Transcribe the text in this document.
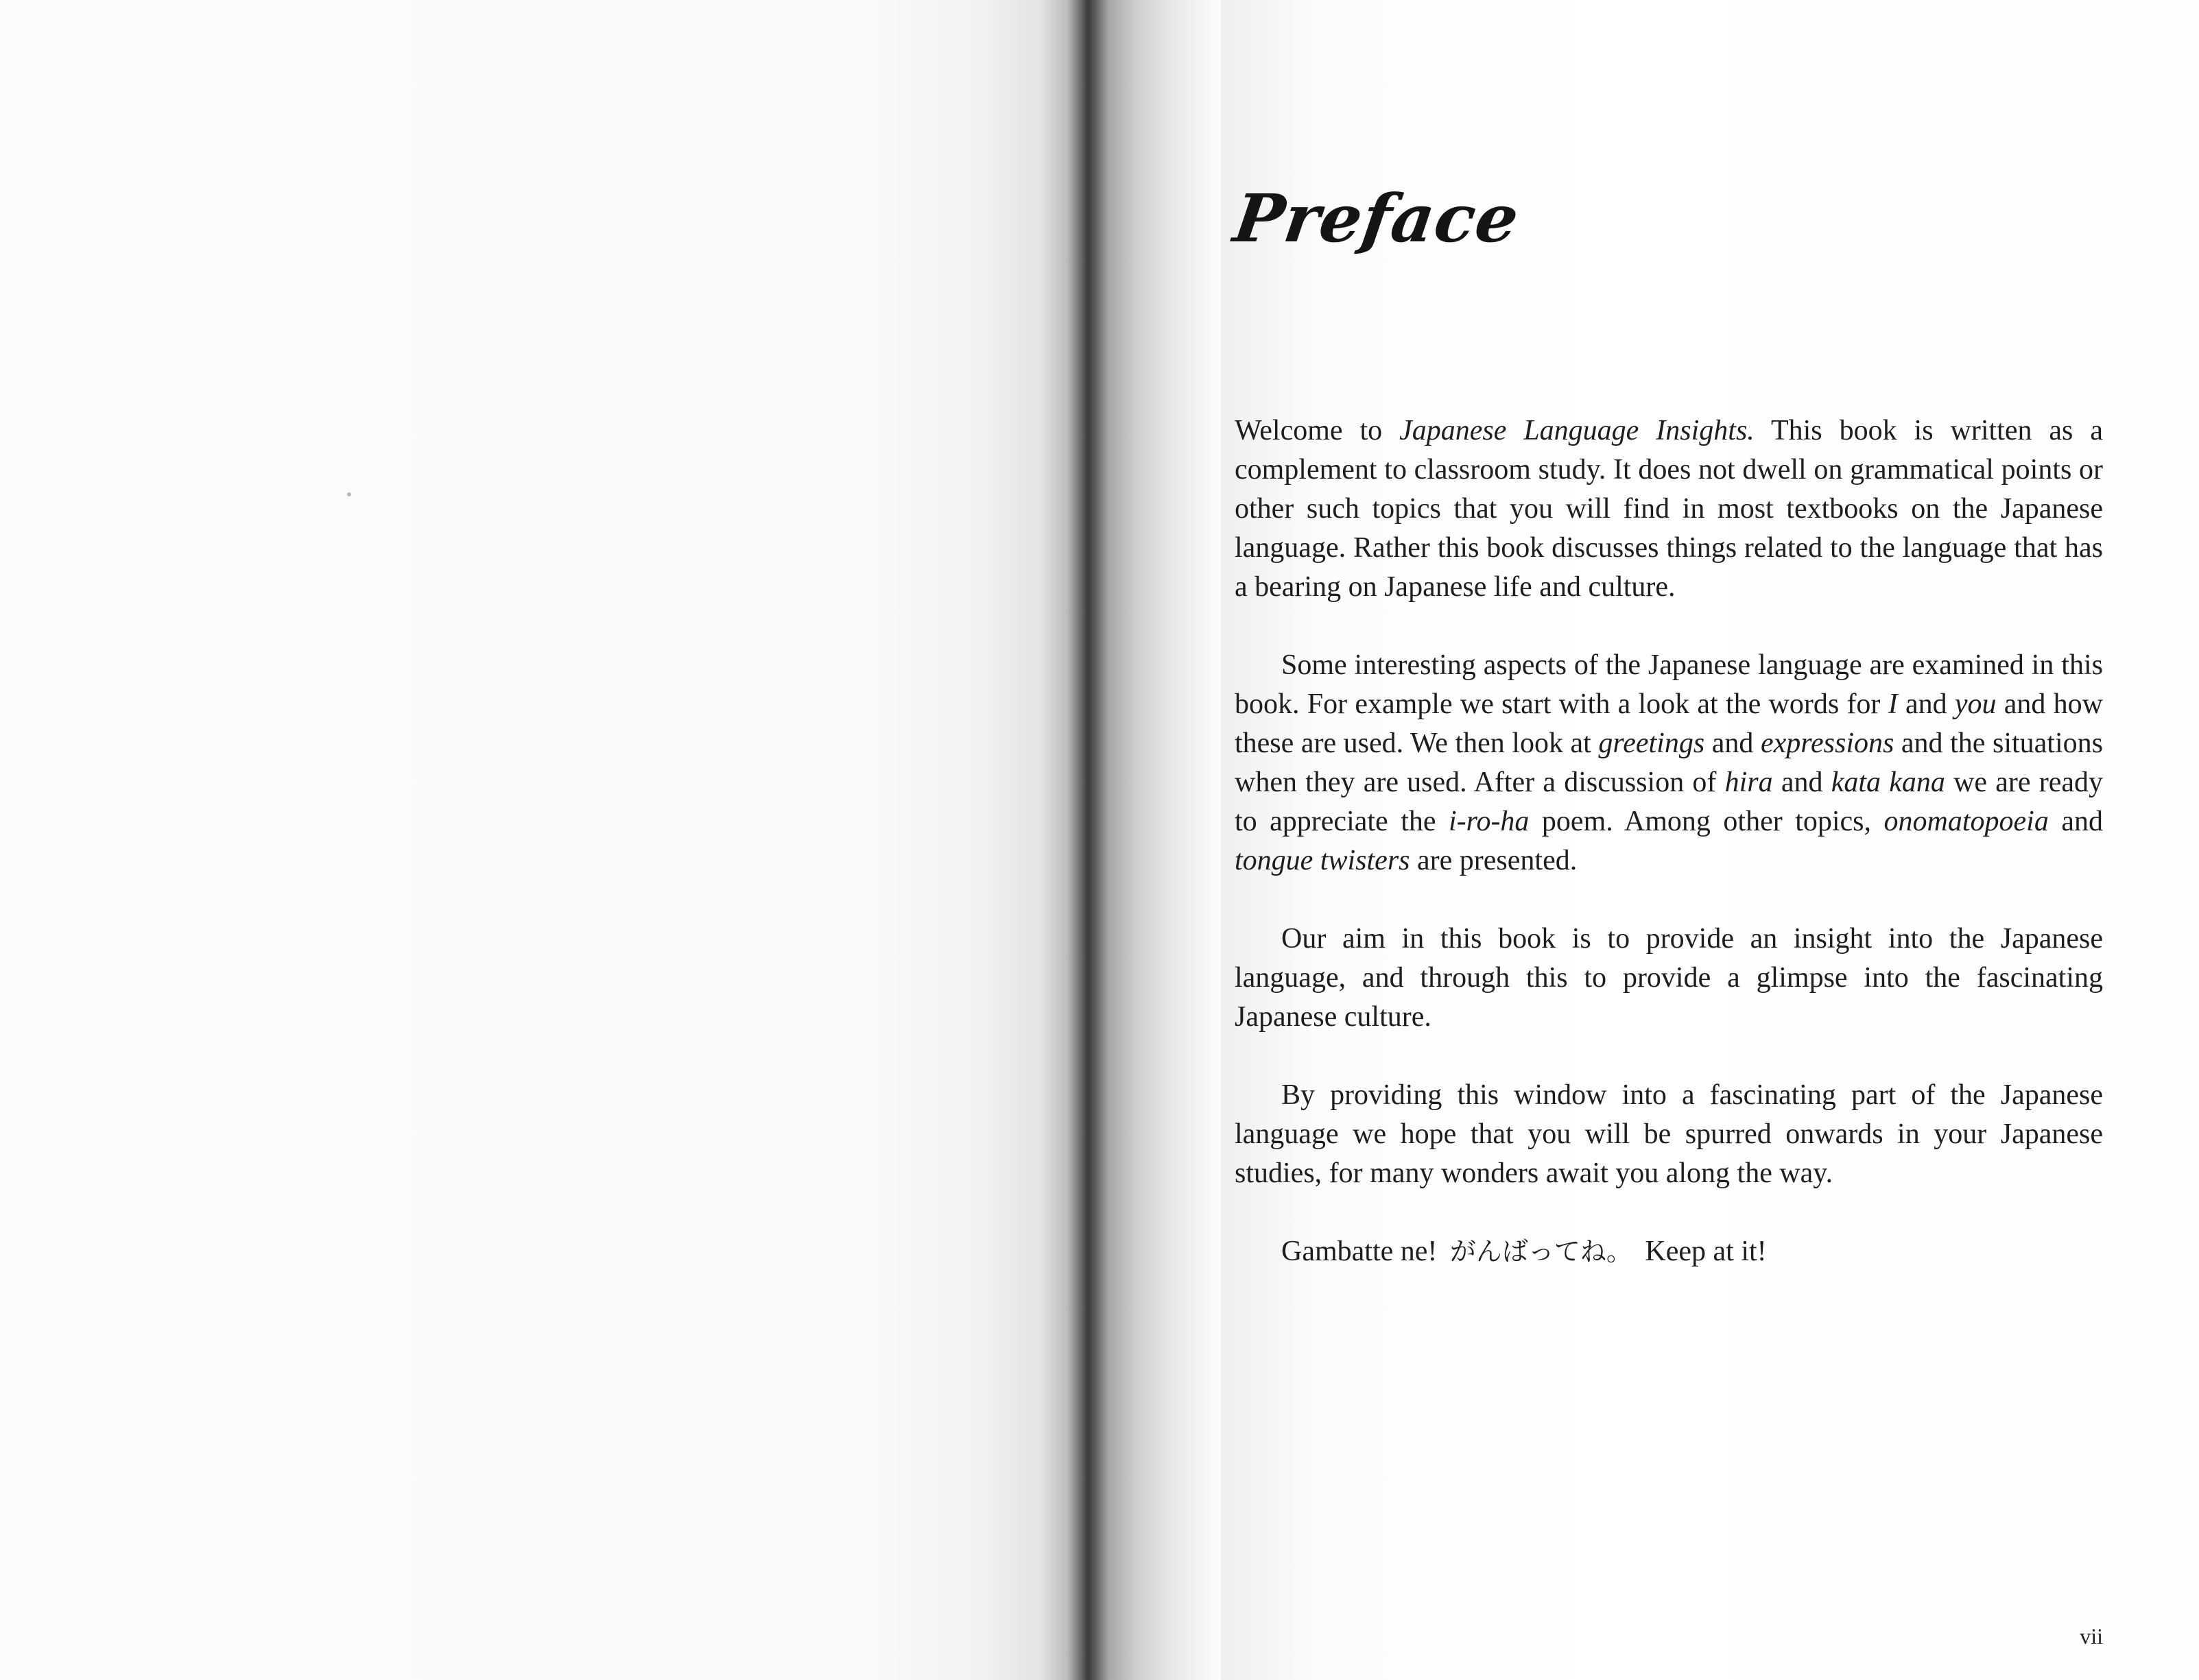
Preface

Welcome to Japanese Language Insights. This book is written as a complement to classroom study. It does not dwell on grammatical points or other such topics that you will find in most textbooks on the Japanese language. Rather this book discusses things related to the language that has a bearing on Japanese life and culture.

Some interesting aspects of the Japanese language are examined in this book. For example we start with a look at the words for I and you and how these are used. We then look at greetings and expressions and the situations when they are used. After a discussion of hira and kata kana we are ready to appreciate the i-ro-ha poem. Among other topics, onomatopoeia and tongue twisters are presented.

Our aim in this book is to provide an insight into the Japanese language, and through this to provide a glimpse into the fascinating Japanese culture.

By providing this window into a fascinating part of the Japanese language we hope that you will be spurred onwards in your Japanese studies, for many wonders await you along the way.

Gambatte ne! がんばってね。 Keep at it!

vii
